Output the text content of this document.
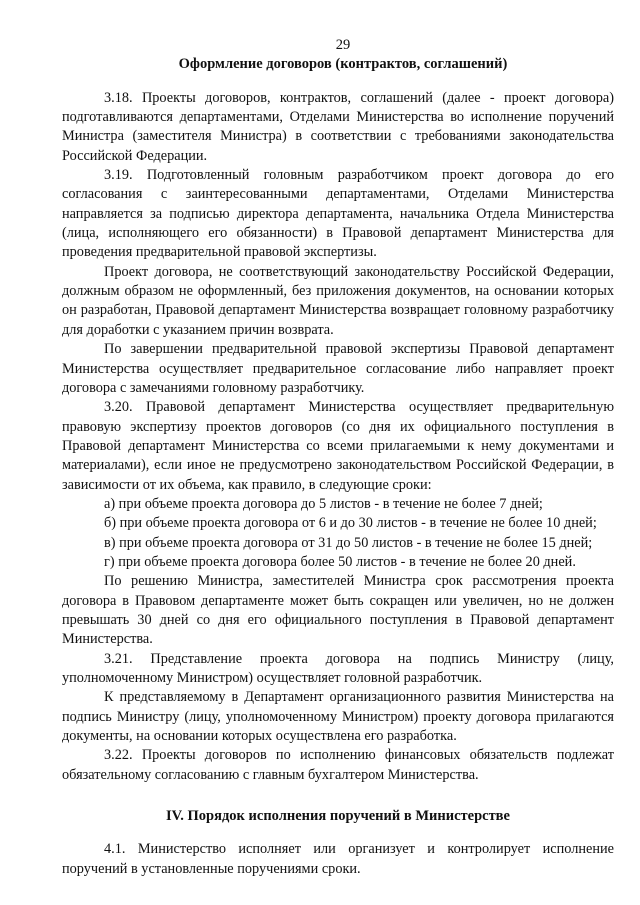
29
Оформление договоров (контрактов, соглашений)

3.18. Проекты договоров, контрактов, соглашений (далее - проект договора) подготавливаются департаментами, Отделами Министерства во исполнение поручений Министра (заместителя Министра) в соответствии с требованиями законодательства Российской Федерации.

3.19. Подготовленный головным разработчиком проект договора до его согласования с заинтересованными департаментами, Отделами Министерства направляется за подписью директора департамента, начальника Отдела Министерства (лица, исполняющего его обязанности) в Правовой департамент Министерства для проведения предварительной правовой экспертизы.

Проект договора, не соответствующий законодательству Российской Федерации, должным образом не оформленный, без приложения документов, на основании которых он разработан, Правовой департамент Министерства возвращает головному разработчику для доработки с указанием причин возврата.

По завершении предварительной правовой экспертизы Правовой департамент Министерства осуществляет предварительное согласование либо направляет проект договора с замечаниями головному разработчику.

3.20. Правовой департамент Министерства осуществляет предварительную правовую экспертизу проектов договоров (со дня их официального поступления в Правовой департамент Министерства со всеми прилагаемыми к нему документами и материалами), если иное не предусмотрено законодательством Российской Федерации, в зависимости от их объема, как правило, в следующие сроки:

а) при объеме проекта договора до 5 листов - в течение не более 7 дней;

б) при объеме проекта договора от 6 и до 30 листов - в течение не более 10 дней;

в) при объеме проекта договора от 31 до 50 листов - в течение не более 15 дней;

г) при объеме проекта договора более 50 листов - в течение не более 20 дней.

По решению Министра, заместителей Министра срок рассмотрения проекта договора в Правовом департаменте может быть сокращен или увеличен, но не должен превышать 30 дней со дня его официального поступления в Правовой департамент Министерства.

3.21. Представление проекта договора на подпись Министру (лицу, уполномоченному Министром) осуществляет головной разработчик.

К представляемому в Департамент организационного развития Министерства на подпись Министру (лицу, уполномоченному Министром) проекту договора прилагаются документы, на основании которых осуществлена его разработка.

3.22. Проекты договоров по исполнению финансовых обязательств подлежат обязательному согласованию с главным бухгалтером Министерства.

IV. Порядок исполнения поручений в Министерстве

4.1. Министерство исполняет или организует и контролирует исполнение поручений в установленные поручениями сроки.
